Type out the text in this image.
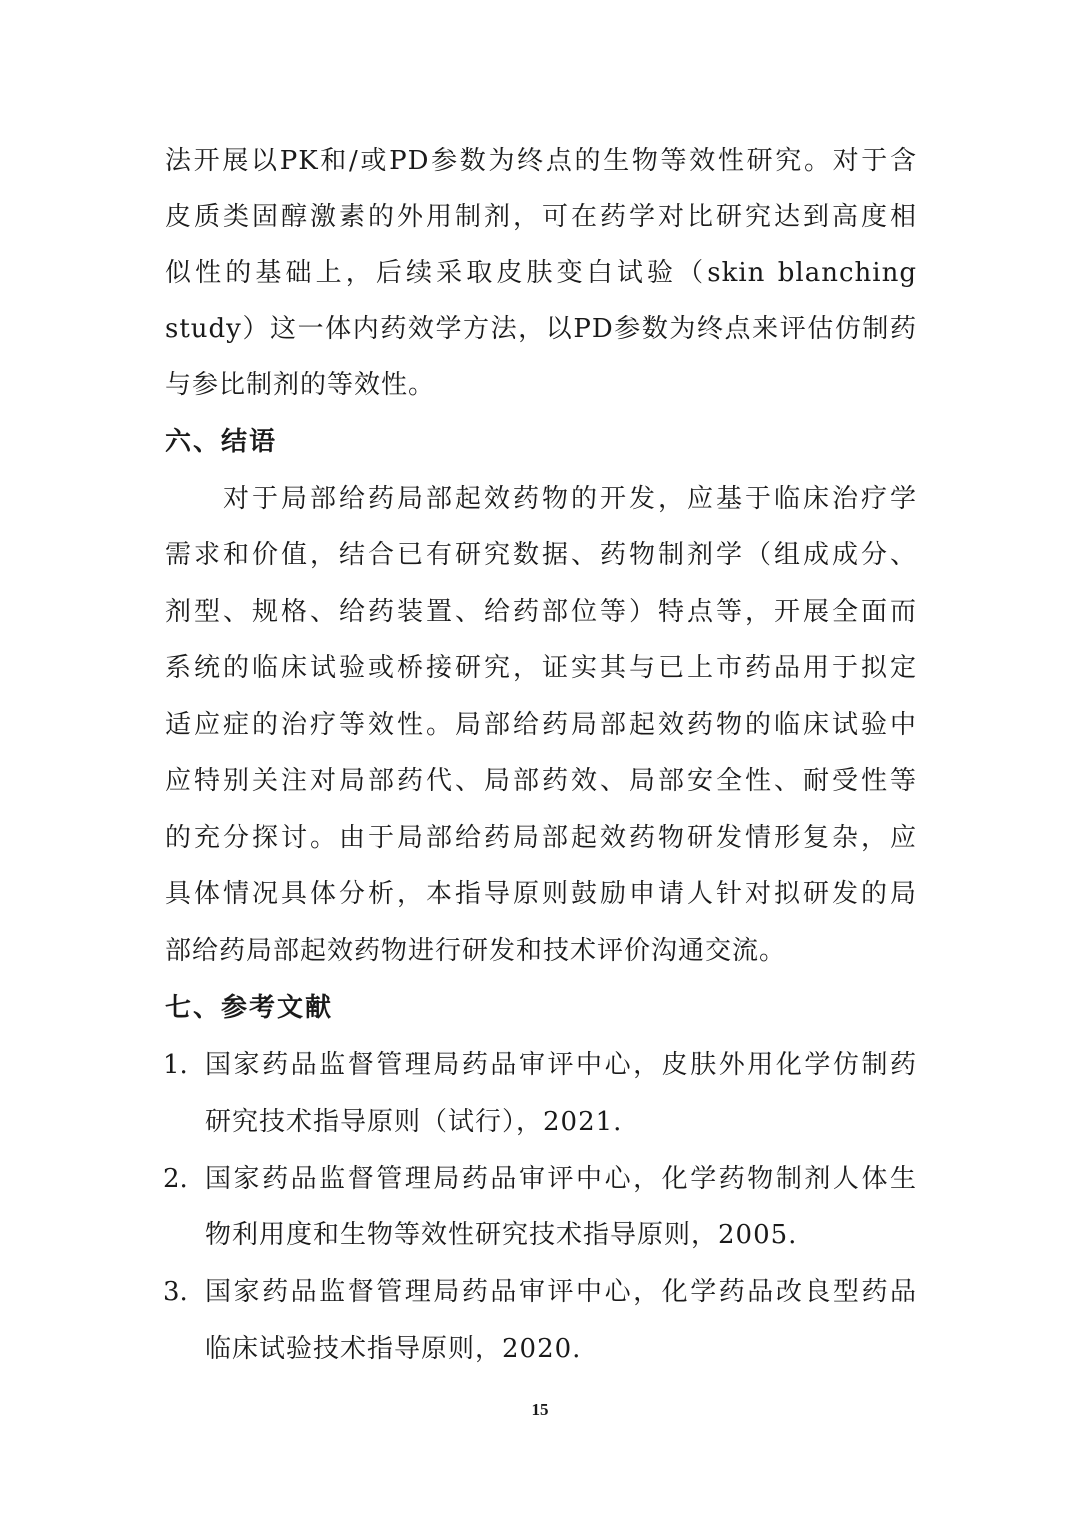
法开展以PK和/或PD参数为终点的生物等效性研究。对于含
皮质类固醇激素的外用制剂，可在药学对比研究达到高度相
似性的基础上，后续采取皮肤变白试验（skin blanching
study）这一体内药效学方法，以PD参数为终点来评估仿制药
与参比制剂的等效性。
六、结语
对于局部给药局部起效药物的开发，应基于临床治疗学
需求和价值，结合已有研究数据、药物制剂学（组成成分、
剂型、规格、给药装置、给药部位等）特点等，开展全面而
系统的临床试验或桥接研究，证实其与已上市药品用于拟定
适应症的治疗等效性。局部给药局部起效药物的临床试验中
应特别关注对局部药代、局部药效、局部安全性、耐受性等
的充分探讨。由于局部给药局部起效药物研发情形复杂，应
具体情况具体分析，本指导原则鼓励申请人针对拟研发的局
部给药局部起效药物进行研发和技术评价沟通交流。
七、参考文献
1. 国家药品监督管理局药品审评中心，皮肤外用化学仿制药
研究技术指导原则（试行），2021.
2. 国家药品监督管理局药品审评中心，化学药物制剂人体生
物利用度和生物等效性研究技术指导原则，2005.
3. 国家药品监督管理局药品审评中心，化学药品改良型药品
临床试验技术指导原则，2020.
15
